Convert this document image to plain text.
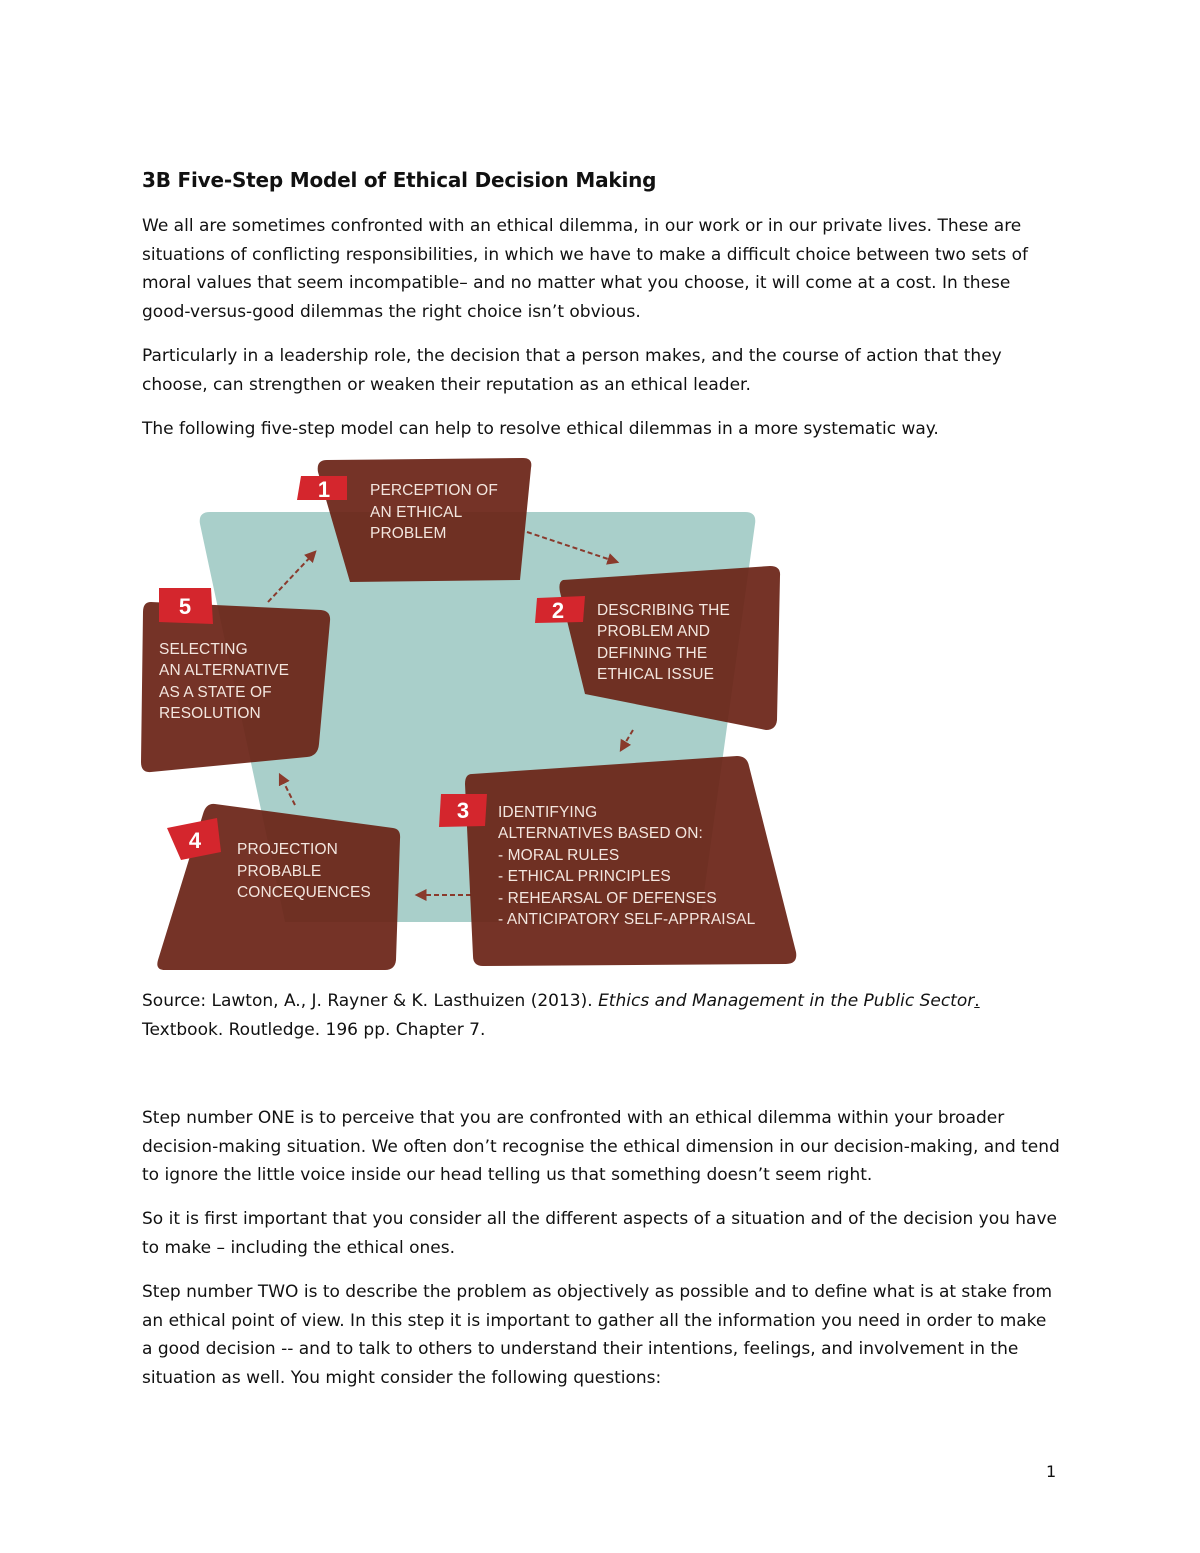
3B Five-Step Model of Ethical Decision Making

We all are sometimes confronted with an ethical dilemma, in our work or in our private lives. These are situations of conflicting responsibilities, in which we have to make a difficult choice between two sets of moral values that seem incompatible– and no matter what you choose, it will come at a cost. In these good-versus-good dilemmas the right choice isn’t obvious.

Particularly in a leadership role, the decision that a person makes, and the course of action that they choose, can strengthen or weaken their reputation as an ethical leader.

The following five-step model can help to resolve ethical dilemmas in a more systematic way.

1	PERCEPTION OF
AN ETHICAL
PROBLEM
2 DESCRIBING THE
PROBLEM AND
DEFINING THE
ETHICAL ISSUE
3 IDENTIFYING
ALTERNATIVES BASED ON:
- MORAL RULES
- ETHICAL PRINCIPLES
- REHEARSAL OF DEFENSES
- ANTICIPATORY SELF-APPRAISAL
4 PROJECTION
PROBABLE
CONCEQUENCES
5
SELECTING
AN ALTERNATIVE
AS A STATE OF
RESOLUTION

Source: Lawton, A., J. Rayner & K. Lasthuizen (2013). Ethics and Management in the Public Sector. Textbook. Routledge. 196 pp. Chapter 7.

Step number ONE is to perceive that you are confronted with an ethical dilemma within your broader decision-making situation. We often don’t recognise the ethical dimension in our decision-making, and tend to ignore the little voice inside our head telling us that something doesn’t seem right.

So it is first important that you consider all the different aspects of a situation and of the decision you have to make – including the ethical ones.

Step number TWO is to describe the problem as objectively as possible and to define what is at stake from an ethical point of view. In this step it is important to gather all the information you need in order to make a good decision -- and to talk to others to understand their intentions, feelings, and involvement in the situation as well. You might consider the following questions:

1
